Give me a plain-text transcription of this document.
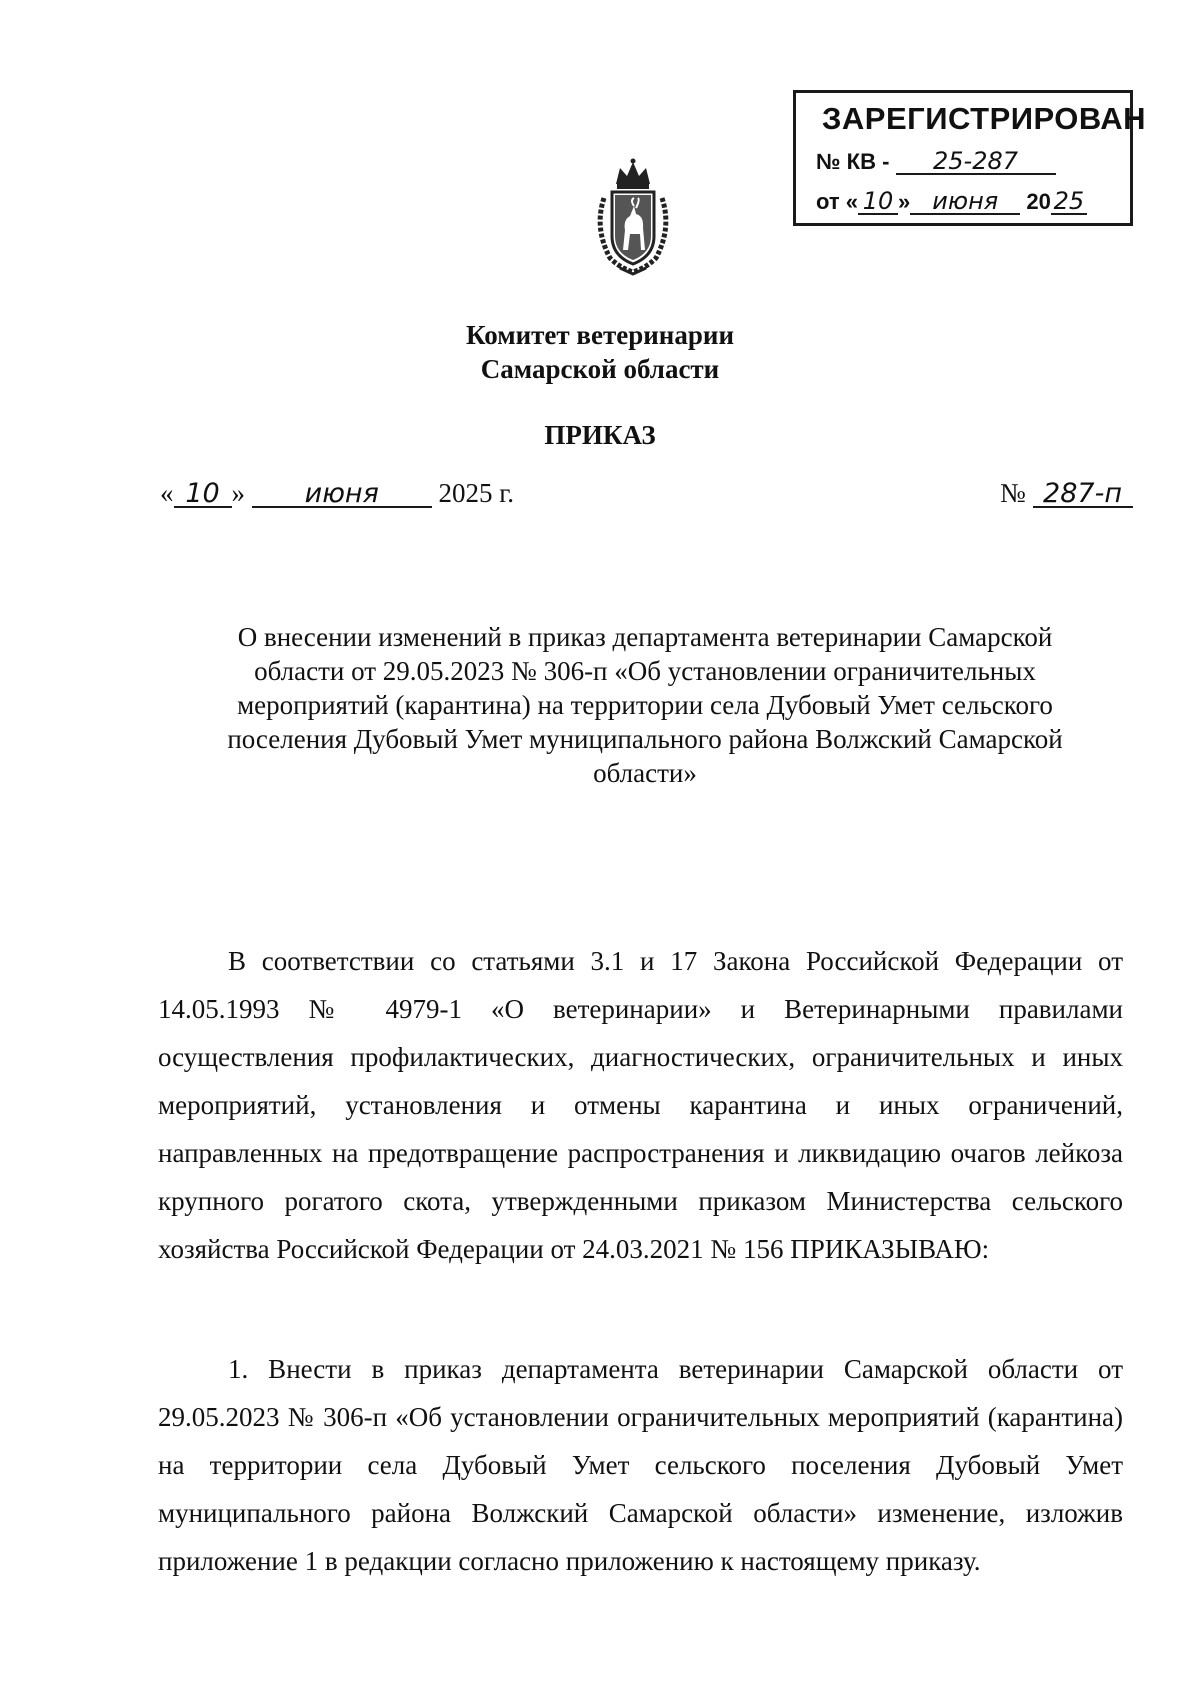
ЗАРЕГИСТРИРОВАН
№ КВ - 25-287
от « 10 » июня 20 25
Комитет ветеринарии
Самарской области
ПРИКАЗ
« 10 » июня 2025 г.	№ 287-п
О внесении изменений в приказ департамента ветеринарии Самарской области от 29.05.2023 № 306-п «Об установлении ограничительных мероприятий (карантина) на территории села Дубовый Умет сельского поселения Дубовый Умет муниципального района Волжский Самарской области»

В соответствии со статьями 3.1 и 17 Закона Российской Федерации от 14.05.1993 № 4979-1 «О ветеринарии» и Ветеринарными правилами осуществления профилактических, диагностических, ограничительных и иных мероприятий, установления и отмены карантина и иных ограничений, направленных на предотвращение распространения и ликвидацию очагов лейкоза крупного рогатого скота, утвержденными приказом Министерства сельского хозяйства Российской Федерации от 24.03.2021 № 156 ПРИКАЗЫВАЮ:

1. Внести в приказ департамента ветеринарии Самарской области от 29.05.2023 № 306-п «Об установлении ограничительных мероприятий (карантина) на территории села Дубовый Умет сельского поселения Дубовый Умет муниципального района Волжский Самарской области» изменение, изложив приложение 1 в редакции согласно приложению к настоящему приказу.
